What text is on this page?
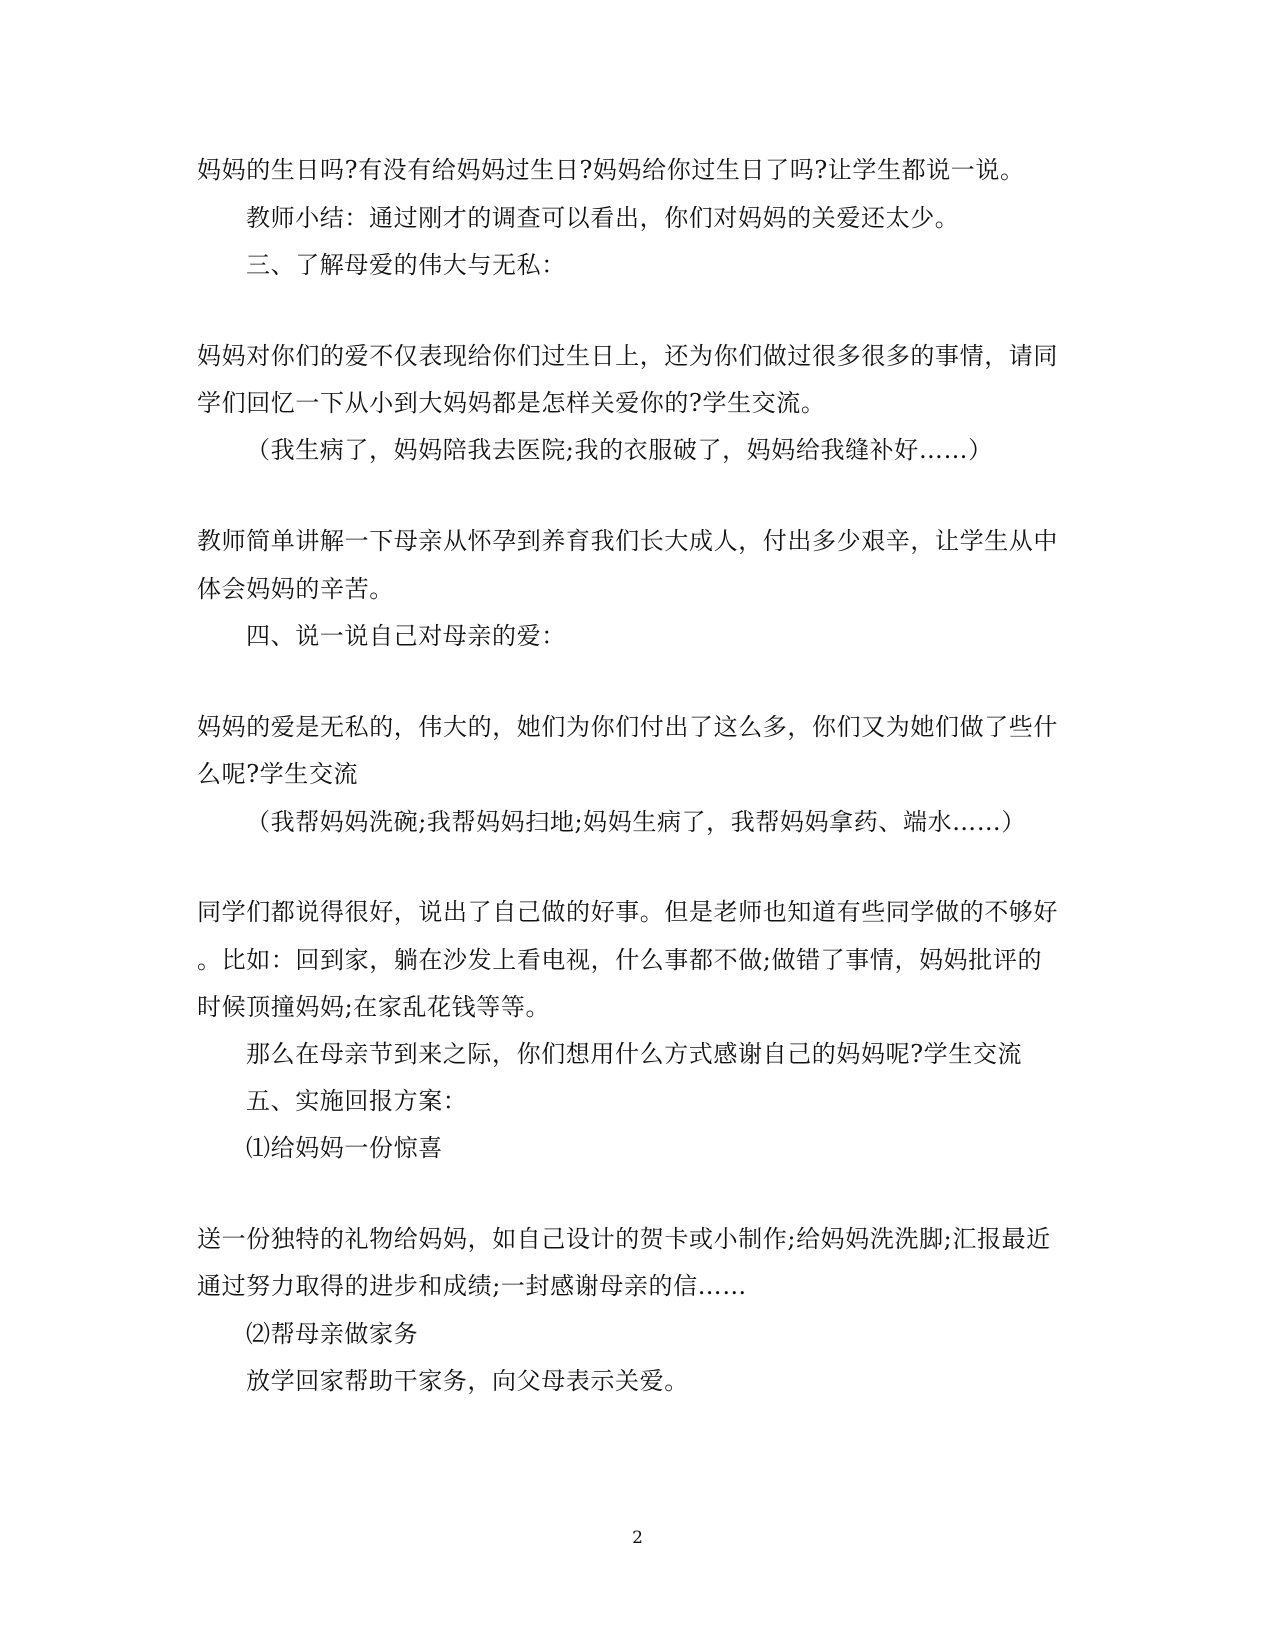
妈妈的生日吗?有没有给妈妈过生日?妈妈给你过生日了吗?让学生都说一说。

教师小结：通过刚才的调查可以看出，你们对妈妈的关爱还太少。

三、了解母爱的伟大与无私：

妈妈对你们的爱不仅表现给你们过生日上，还为你们做过很多很多的事情，请同

学们回忆一下从小到大妈妈都是怎样关爱你的?学生交流。

（我生病了，妈妈陪我去医院;我的衣服破了，妈妈给我缝补好……）

教师简单讲解一下母亲从怀孕到养育我们长大成人，付出多少艰辛，让学生从中

体会妈妈的辛苦。

四、说一说自己对母亲的爱：

妈妈的爱是无私的，伟大的，她们为你们付出了这么多，你们又为她们做了些什

么呢?学生交流

（我帮妈妈洗碗;我帮妈妈扫地;妈妈生病了，我帮妈妈拿药、端水……）

同学们都说得很好，说出了自己做的好事。但是老师也知道有些同学做的不够好

。比如：回到家，躺在沙发上看电视，什么事都不做;做错了事情，妈妈批评的

时候顶撞妈妈;在家乱花钱等等。

那么在母亲节到来之际，你们想用什么方式感谢自己的妈妈呢?学生交流

五、实施回报方案：

⑴给妈妈一份惊喜

送一份独特的礼物给妈妈，如自己设计的贺卡或小制作;给妈妈洗洗脚;汇报最近

通过努力取得的进步和成绩;一封感谢母亲的信……

⑵帮母亲做家务

放学回家帮助干家务，向父母表示关爱。

2
